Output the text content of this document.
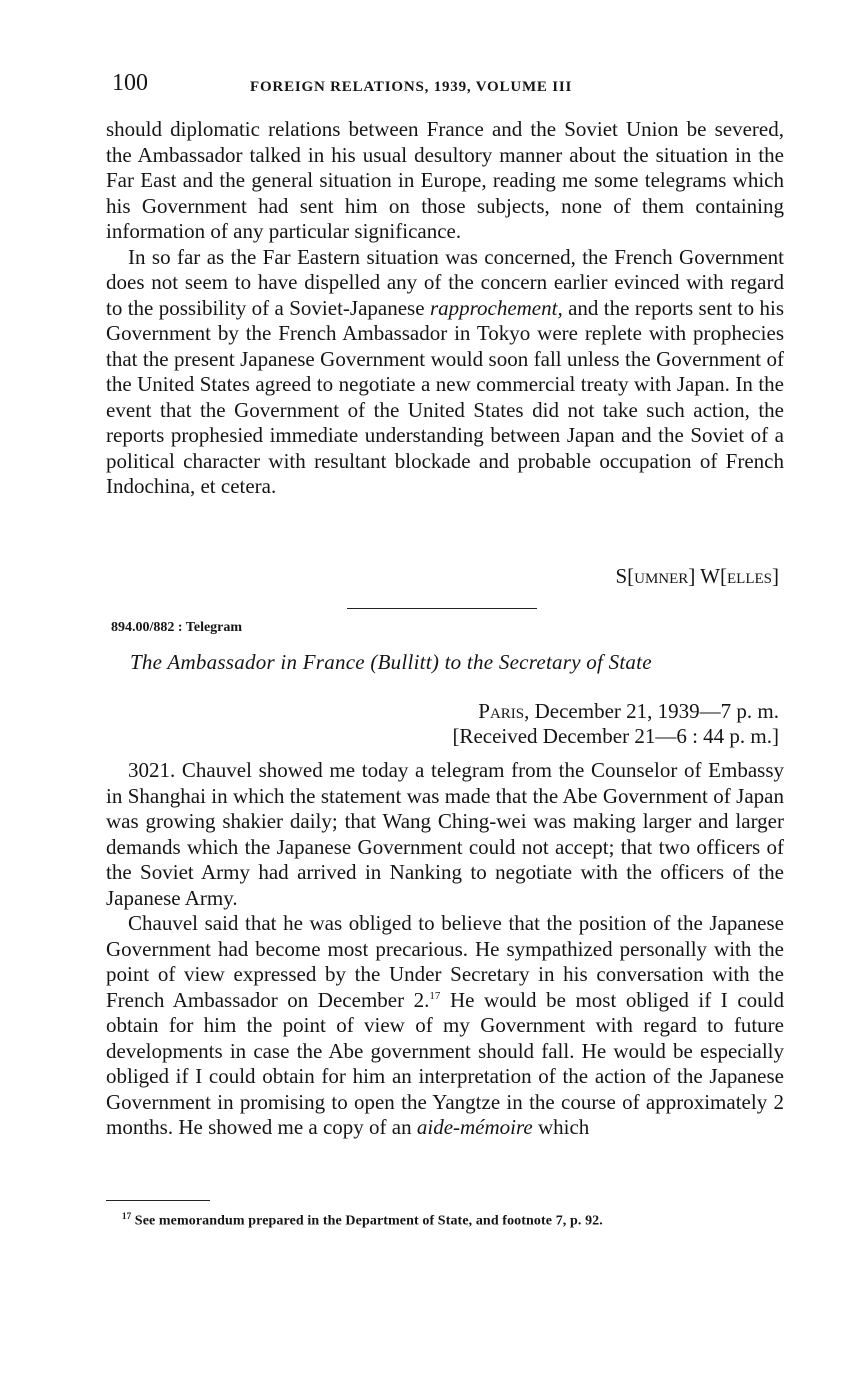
100	FOREIGN RELATIONS, 1939, VOLUME III

should diplomatic relations between France and the Soviet Union be severed, the Ambassador talked in his usual desultory manner about the situation in the Far East and the general situation in Europe, reading me some telegrams which his Government had sent him on those subjects, none of them containing information of any particular significance.

In so far as the Far Eastern situation was concerned, the French Government does not seem to have dispelled any of the concern earlier evinced with regard to the possibility of a Soviet-Japanese rapprochement, and the reports sent to his Government by the French Ambassador in Tokyo were replete with prophecies that the present Japanese Government would soon fall unless the Government of the United States agreed to negotiate a new commercial treaty with Japan. In the event that the Government of the United States did not take such action, the reports prophesied immediate understanding between Japan and the Soviet of a political character with resultant blockade and probable occupation of French Indochina, et cetera.

S[umner] W[elles]
894.00/882 : Telegram
The Ambassador in France (Bullitt) to the Secretary of State
Paris, December 21, 1939—7 p. m.
[Received December 21—6 : 44 p. m.]

3021. Chauvel showed me today a telegram from the Counselor of Embassy in Shanghai in which the statement was made that the Abe Government of Japan was growing shakier daily; that Wang Ching-wei was making larger and larger demands which the Japanese Government could not accept; that two officers of the Soviet Army had arrived in Nanking to negotiate with the officers of the Japanese Army.

Chauvel said that he was obliged to believe that the position of the Japanese Government had become most precarious. He sympathized personally with the point of view expressed by the Under Secretary in his conversation with the French Ambassador on December 2.17 He would be most obliged if I could obtain for him the point of view of my Government with regard to future developments in case the Abe government should fall. He would be especially obliged if I could obtain for him an interpretation of the action of the Japanese Government in promising to open the Yangtze in the course of approximately 2 months. He showed me a copy of an aide-mémoire which

$^{17}$ See memorandum prepared in the Department of State, and footnote 7, p. 92.
